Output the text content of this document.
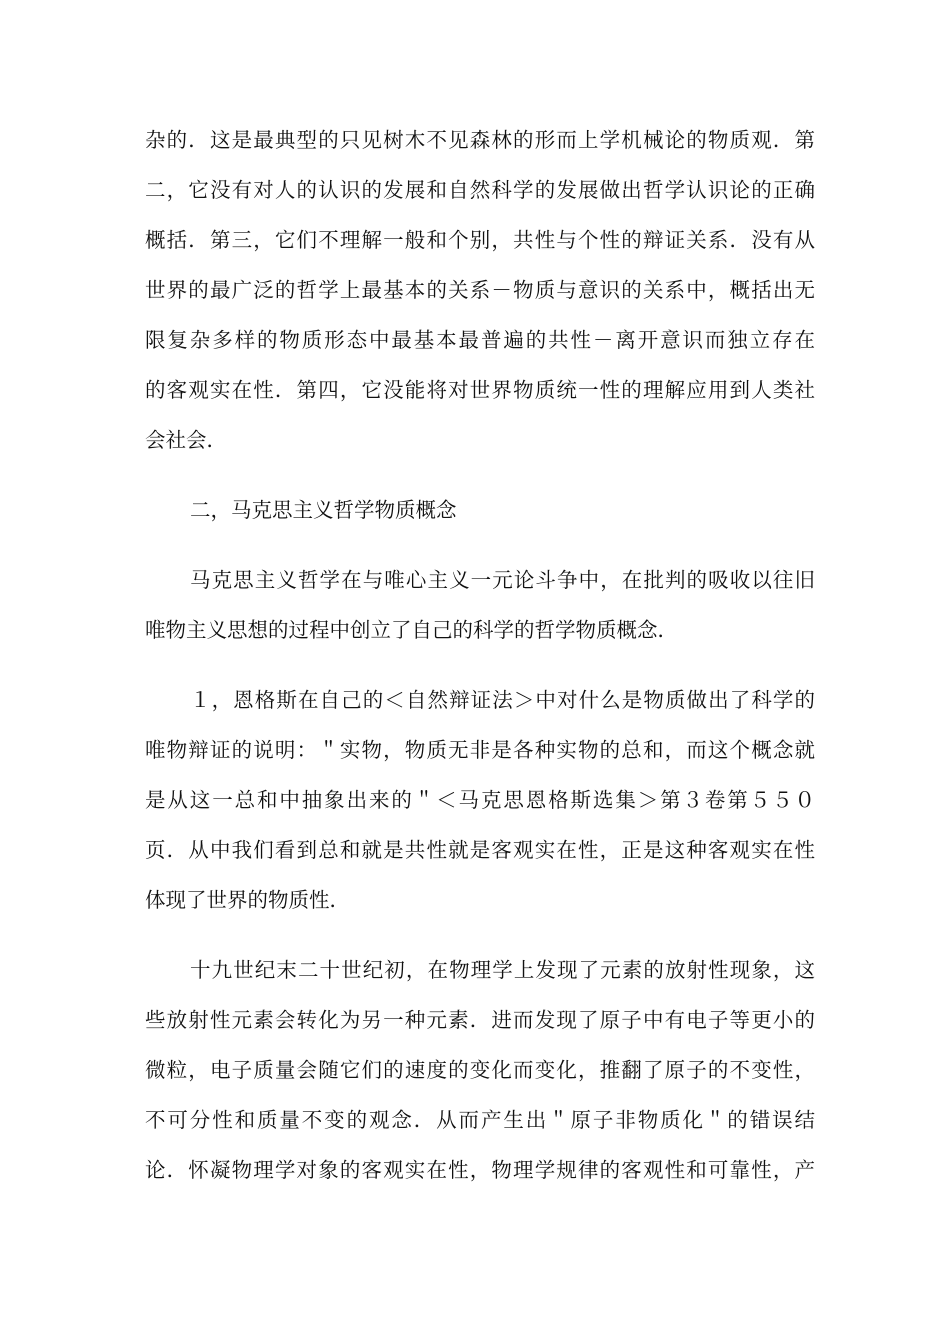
杂的．这是最典型的只见树木不见森林的形而上学机械论的物质观．第
二，它没有对人的认识的发展和自然科学的发展做出哲学认识论的正确
概括．第三，它们不理解一般和个别，共性与个性的辩证关系．没有从
世界的最广泛的哲学上最基本的关系－物质与意识的关系中，概括出无
限复杂多样的物质形态中最基本最普遍的共性－离开意识而独立存在
的客观实在性．第四，它没能将对世界物质统一性的理解应用到人类社
会社会．
二，马克思主义哲学物质概念
马克思主义哲学在与唯心主义一元论斗争中，在批判的吸收以往旧
唯物主义思想的过程中创立了自己的科学的哲学物质概念．
１，恩格斯在自己的＜自然辩证法＞中对什么是物质做出了科学的
唯物辩证的说明：＂实物，物质无非是各种实物的总和，而这个概念就
是从这一总和中抽象出来的＂＜马克思恩格斯选集＞第３卷第５５０
页．从中我们看到总和就是共性就是客观实在性，正是这种客观实在性
体现了世界的物质性．
十九世纪末二十世纪初，在物理学上发现了元素的放射性现象，这
些放射性元素会转化为另一种元素．进而发现了原子中有电子等更小的
微粒，电子质量会随它们的速度的变化而变化，推翻了原子的不变性，
不可分性和质量不变的观念．从而产生出＂原子非物质化＂的错误结
论．怀凝物理学对象的客观实在性，物理学规律的客观性和可靠性，产
